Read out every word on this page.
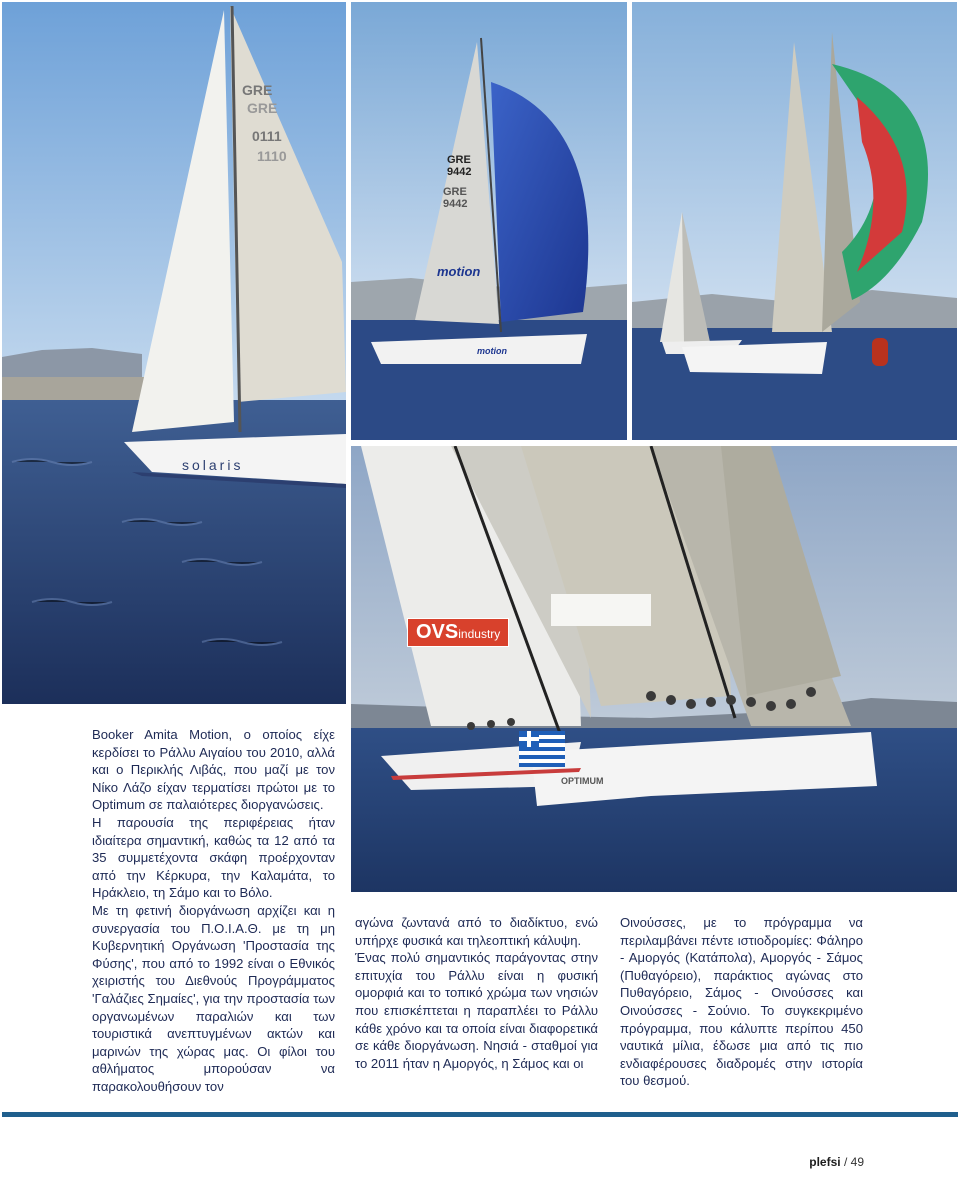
GRE
GRE
0111
1110
solaris
GRE
9442
GRE
9442
motion
motion
OVSindustry
OPTIMUM

Booker Amita Motion, ο οποίος είχε κερδίσει το Ράλλυ Αιγαίου του 2010, αλλά και ο Περικλής Λιβάς, που μαζί με τον Νίκο Λάζο είχαν τερματίσει πρώτοι με το Optimum σε παλαιότερες διοργανώσεις.

Η παρουσία της περιφέρειας ήταν ιδιαίτερα σημαντική, καθώς τα 12 από τα 35 συμμετέχοντα σκάφη προέρχονταν από την Κέρκυρα, την Καλαμάτα, το Ηράκλειο, τη Σάμο και το Βόλο.

Με τη φετινή διοργάνωση αρχίζει και η συνεργασία του Π.Ο.Ι.Α.Θ. με τη μη Κυβερνητική Οργάνωση 'Προστασία της Φύσης', που από το 1992 είναι ο Εθνικός χειριστής του Διεθνούς Προγράμματος 'Γαλάζιες Σημαίες', για την προστασία των οργανωμένων παραλιών και των τουριστικά ανεπτυγμένων ακτών και μαρινών της χώρας μας. Οι φίλοι του αθλήματος μπορούσαν να παρακολουθήσουν τον

αγώνα ζωντανά από το διαδίκτυο, ενώ υπήρχε φυσικά και τηλεοπτική κάλυψη.

Ένας πολύ σημαντικός παράγοντας στην επιτυχία του Ράλλυ είναι η φυσική ομορφιά και το τοπικό χρώμα των νησιών που επισκέπτεται η παραπλέει το Ράλλυ κάθε χρόνο και τα οποία είναι διαφορετικά σε κάθε διοργάνωση. Νησιά - σταθμοί για το 2011 ήταν η Αμοργός, η Σάμος και οι

Οινούσσες, με το πρόγραμμα να περιλαμβάνει πέντε ιστιοδρομίες: Φάληρο - Αμοργός (Κατάπολα), Αμοργός - Σάμος (Πυθαγόρειο), παράκτιος αγώνας στο Πυθαγόρειο, Σάμος - Οινούσσες και Οινούσσες - Σούνιο. Το συγκεκριμένο πρόγραμμα, που κάλυπτε περίπου 450 ναυτικά μίλια, έδωσε μια από τις πιο ενδιαφέρουσες διαδρομές στην ιστορία του θεσμού.

plefsi / 49
